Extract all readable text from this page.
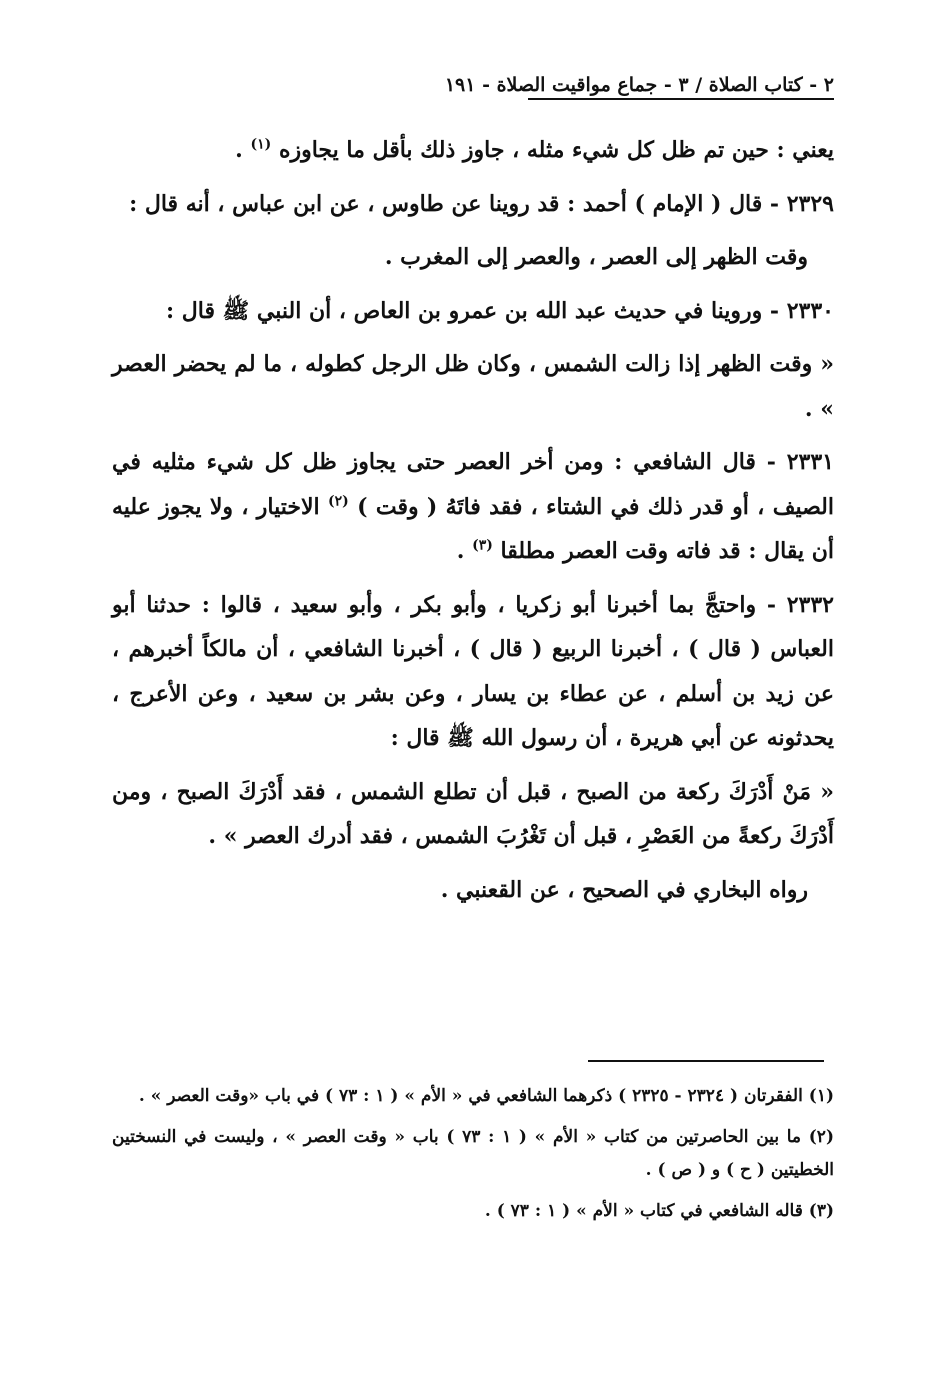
٢ - كتاب الصلاة / ٣ - جماع مواقيت الصلاة - ١٩١

يعني : حين تم ظل كل شيء مثله ، جاوز ذلك بأقل ما يجاوزه $^{(١)}$ .

٢٣٢٩ - قال ( الإمام ) أحمد : قد روينا عن طاوس ، عن ابن عباس ، أنه قال :

وقت الظهر إلى العصر ، والعصر إلى المغرب .

٢٣٣٠ - وروينا في حديث عبد الله بن عمرو بن العاص ، أن النبي ﷺ قال :

« وقت الظهر إذا زالت الشمس ، وكان ظل الرجل كطوله ، ما لم يحضر العصر » .

٢٣٣١ - قال الشافعي : ومن أخر العصر حتى يجاوز ظل كل شيء مثليه في الصيف ، أو قدر ذلك في الشتاء ، فقد فاتَهُ ( وقت ) $^{(٢)}$ الاختيار ، ولا يجوز عليه أن يقال : قد فاته وقت العصر مطلقا $^{(٣)}$ .

٢٣٣٢ - واحتجَّ بما أخبرنا أبو زكريا ، وأبو بكر ، وأبو سعيد ، قالوا : حدثنا أبو العباس ( قال ) ، أخبرنا الربيع ( قال ) ، أخبرنا الشافعي ، أن مالكاً أخبرهم ، عن زيد بن أسلم ، عن عطاء بن يسار ، وعن بشر بن سعيد ، وعن الأعرج ، يحدثونه عن أبي هريرة ، أن رسول الله ﷺ قال :

« مَنْ أَدْرَكَ ركعة من الصبح ، قبل أن تطلع الشمس ، فقد أَدْرَكَ الصبح ، ومن أَدْرَكَ ركعةً من العَصْرِ ، قبل أن تَغْرُبَ الشمس ، فقد أدرك العصر » .

رواه البخاري في الصحيح ، عن القعنبي .

(١) الفقرتان ( ٢٣٢٤ - ٢٣٢٥ ) ذكرهما الشافعي في « الأم » ( ١ : ٧٣ ) في باب «وقت العصر » .

(٢) ما بين الحاصرتين من كتاب « الأم » ( ١ : ٧٣ ) باب « وقت العصر » ، وليست في النسختين الخطيتين ( ح ) و ( ص ) .

(٣) قاله الشافعي في كتاب « الأم » ( ١ : ٧٣ ) .
